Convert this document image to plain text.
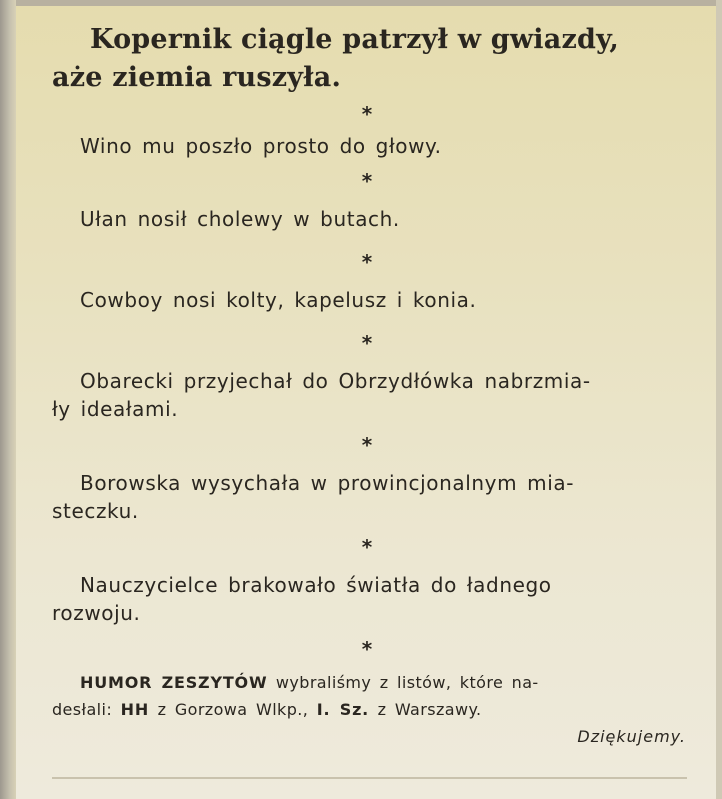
Kopernik ciągle patrzył w gwiazdy,
aże ziemia ruszyła.
*

Wino mu poszło prosto do głowy.

*

Ułan nosił cholewy w butach.

*

Cowboy nosi kolty, kapelusz i konia.

*

Obarecki przyjechał do Obrzydłówka nabrzmia-
ły ideałami.

*

Borowska wysychała w prowincjonalnym mia-
steczku.

*

Nauczycielce brakowało światła do ładnego
rozwoju.

*

HUMOR ZESZYTÓW wybraliśmy z listów, które na-
desłali: HH z Gorzowa Wlkp., I. Sz. z Warszawy.
Dziękujemy.
